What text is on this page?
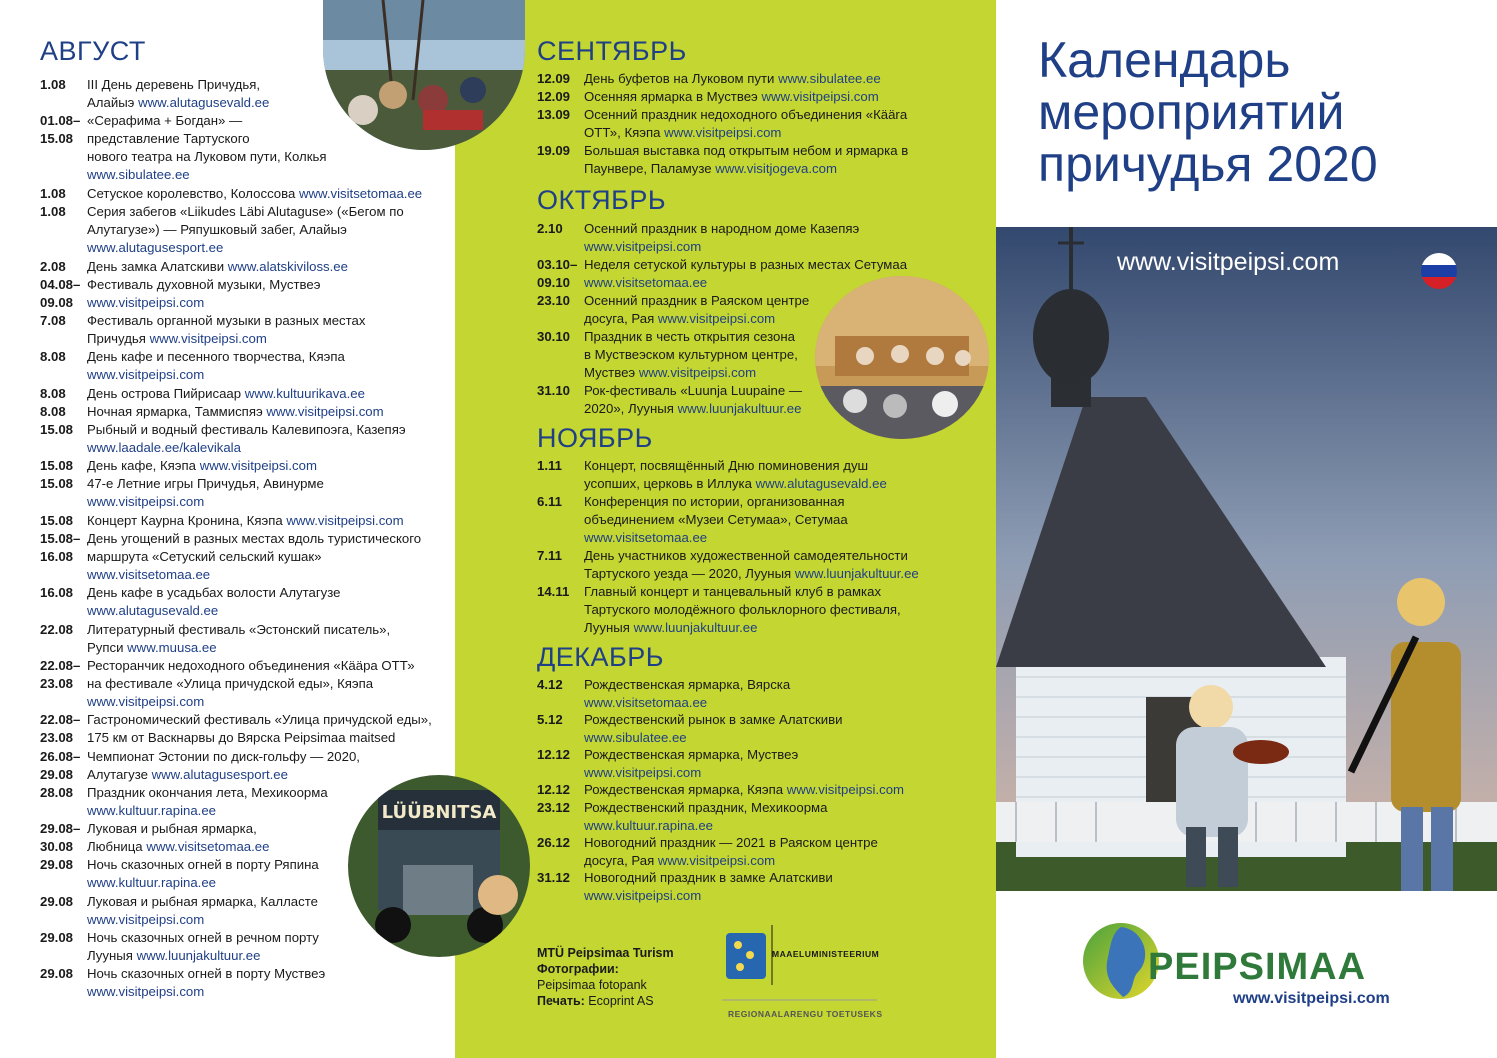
АВГУСТ
1.08 III День деревень Причудья,
Алайыэ www.alutagusevald.ee
01.08–
15.08
«Серафима + Богдан» —
представление Тартуского
нового театра на Луковом пути, Колкья
www.sibulatee.ee
1.08 Сетуское королевство, Колоссова www.visitsetomaa.ee
1.08 Серия забегов «Liikudes Läbi Alutaguse» («Бегом по
Алутагузе») — Ряпушковый забег, Алайыэ
www.alutagusesport.ee
2.08 День замка Алатскиви www.alatskiviloss.ee
04.08–
09.08
Фестиваль духовной музыки, Муствеэ
www.visitpeipsi.com
7.08 Фестиваль органной музыки в разных местах
Причудья www.visitpeipsi.com
8.08 День кафе и песенного творчества, Кяэпа
www.visitpeipsi.com
8.08 День острова Пийрисаар www.kultuurikava.ee
8.08 Ночная ярмарка, Таммиспяэ www.visitpeipsi.com
15.08 Рыбный и водный фестиваль Калевипоэга, Казепяэ
www.laadale.ee/kalevikala
15.08 День кафе, Кяэпа www.visitpeipsi.com
15.08 47-е Летние игры Причудья, Авинурме
www.visitpeipsi.com
15.08 Концерт Каурна Кронина, Кяэпа www.visitpeipsi.com
15.08–
16.08
День угощений в разных местах вдоль туристического
маршрута «Сетуский сельский кушак»
www.visitsetomaa.ee
16.08 День кафе в усадьбах волости Алутагузе
www.alutagusevald.ee
22.08 Литературный фестиваль «Эстонский писатель»,
Рупси www.muusa.ee
22.08–
23.08
Ресторанчик недоходного объединения «Кääра ОТТ»
на фестивале «Улица причудской еды», Кяэпа
www.visitpeipsi.com
22.08–
23.08
Гастрономический фестиваль «Улица причудской еды»,
175 км от Васкнарвы до Вярска Peipsimaa maitsed
26.08–
29.08
Чемпионат Эстонии по диск-гольфу — 2020,
Алутагузе www.alutagusesport.ee
28.08 Праздник окончания лета, Мехикоорма
www.kultuur.rapina.ee
29.08–
30.08
Луковая и рыбная ярмарка,
Любница www.visitsetomaa.ee
29.08 Ночь сказочных огней в порту Ряпина
www.kultuur.rapina.ee
29.08 Луковая и рыбная ярмарка, Калласте
www.visitpeipsi.com
29.08 Ночь сказочных огней в речном порту
Лууныя www.luunjakultuur.ee
29.08 Ночь сказочных огней в порту Муствеэ
www.visitpeipsi.com
СЕНТЯБРЬ
12.09 День буфетов на Луковом пути www.sibulatee.ee
12.09 Осенняя ярмарка в Муствеэ www.visitpeipsi.com
13.09 Осенний праздник недоходного объединения «Кäära
ОТТ», Кяэпа www.visitpeipsi.com
19.09 Большая выставка под открытым небом и ярмарка в
Паунвере, Паламузе www.visitjogeva.com
ОКТЯБРЬ
2.10 Осенний праздник в народном доме Казепяэ
www.visitpeipsi.com
03.10–
09.10
Неделя сетуской культуры в разных местах Сетумаа
www.visitsetomaa.ee
23.10 Осенний праздник в Раяском центре
досуга, Рая www.visitpeipsi.com
30.10 Праздник в честь открытия сезона
в Муствеэском культурном центре,
Муствеэ www.visitpeipsi.com
31.10 Рок-фестиваль «Luunja Luupaine —
2020», Лууныя www.luunjakultuur.ee
НОЯБРЬ
1.11 Концерт, посвящённый Дню поминовения душ
усопших, церковь в Иллука www.alutagusevald.ee
6.11 Конференция по истории, организованная
объединением «Музеи Сетумаа», Сетумаа
www.visitsetomaa.ee
7.11 День участников художественной самодеятельности
Тартуского уезда — 2020, Лууныя www.luunjakultuur.ee
14.11 Главный концерт и танцевальный клуб в рамках
Тартуского молодёжного фольклорного фестиваля,
Лууныя www.luunjakultuur.ee
ДЕКАБРЬ
4.12 Рождественская ярмарка, Вярска
www.visitsetomaa.ee
5.12 Рождественский рынок в замке Алатскиви
www.sibulatee.ee
12.12 Рождественская ярмарка, Муствеэ
www.visitpeipsi.com
12.12 Рождественская ярмарка, Кяэпа www.visitpeipsi.com
23.12 Рождественский праздник, Мехикоорма
www.kultuur.rapina.ee
26.12 Новогодний праздник — 2021 в Раяском центре
досуга, Рая www.visitpeipsi.com
31.12 Новогодний праздник в замке Алатскиви
www.visitpeipsi.com
LÜÜBNITSA
Календарь
мероприятий
причудья 2020
www.visitpeipsi.com
PEIPSIMAA
www.visitpeipsi.com
MTÜ Peipsimaa Turism
Фотографии:
Peipsimaa fotopank
Печать: Ecoprint AS
MAAELUMINISTEERIUM
REGIONAALARENGU TOETUSEKS
